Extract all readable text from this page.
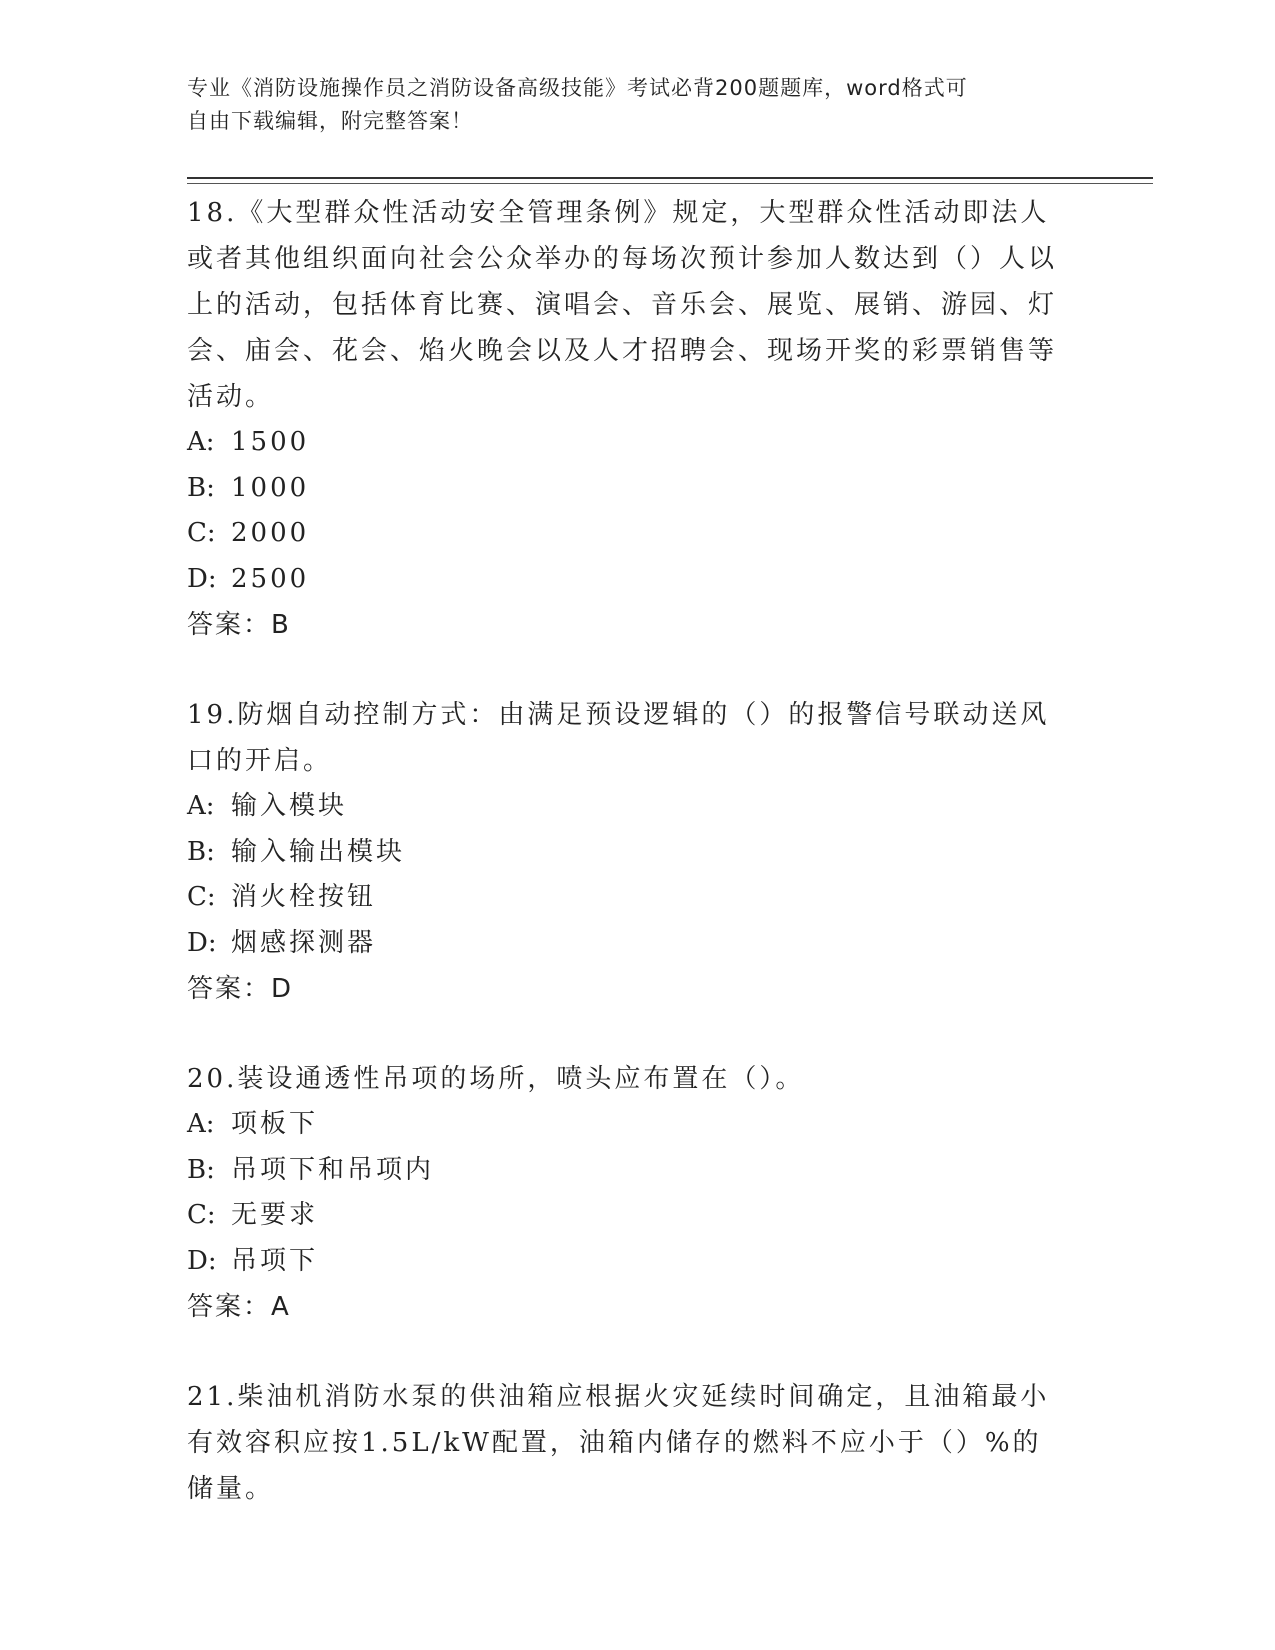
专业《消防设施操作员之消防设备高级技能》考试必背200题题库，word格式可
自由下载编辑，附完整答案！

18.《大型群众性活动安全管理条例》规定，大型群众性活动即法人或者其他组织面向社会公众举办的每场次预计参加人数达到（）人以上的活动，包括体育比赛、演唱会、音乐会、展览、展销、游园、灯会、庙会、花会、焰火晚会以及人才招聘会、现场开奖的彩票销售等活动。

A: 1500

B: 1000

C: 2000

D: 2500

答案：B

19.防烟自动控制方式：由满足预设逻辑的（）的报警信号联动送风口的开启。

A: 输入模块

B: 输入输出模块

C: 消火栓按钮

D: 烟感探测器

答案：D

20.装设通透性吊项的场所，喷头应布置在（）。

A: 项板下

B: 吊项下和吊项内

C: 无要求

D: 吊项下

答案：A

21.柴油机消防水泵的供油箱应根据火灾延续时间确定，且油箱最小有效容积应按1.5L/kW配置，油箱内储存的燃料不应小于（）%的储量。
